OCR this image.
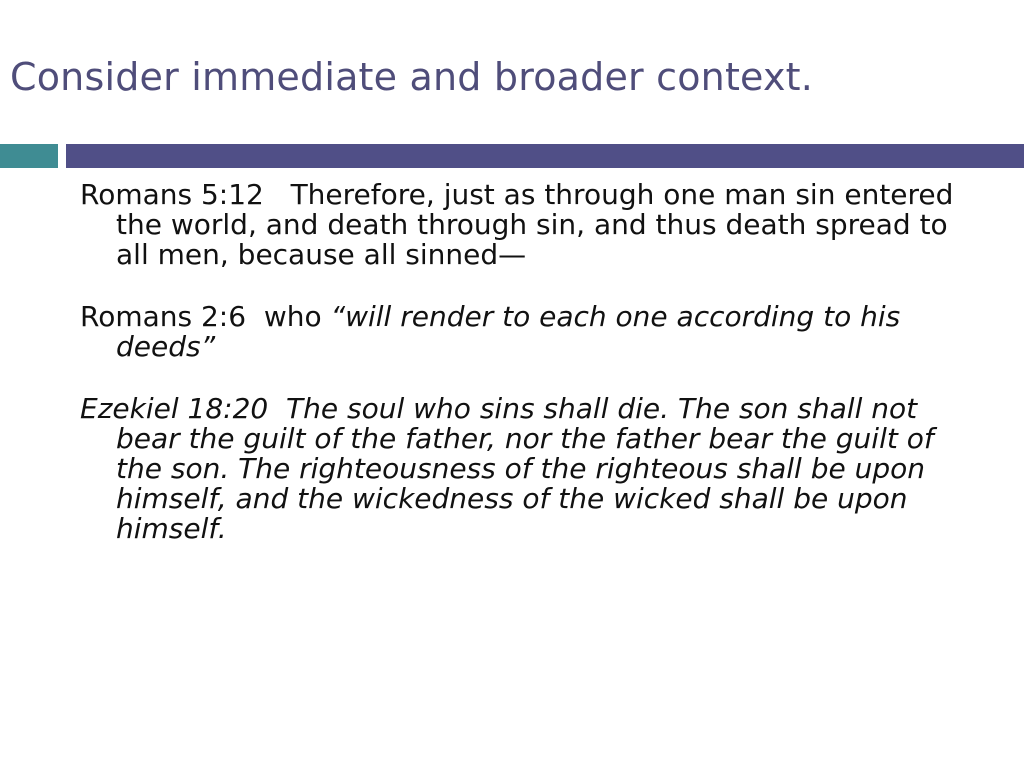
Consider immediate and broader context.

Romans 5:12 Therefore, just as through one man sin entered the world, and death through sin, and thus death spread to all men, because all sinned—

Romans 2:6 who “will render to each one according to his deeds”

Ezekiel 18:20 The soul who sins shall die. The son shall not bear the guilt of the father, nor the father bear the guilt of the son. The righteousness of the righteous shall be upon himself, and the wickedness of the wicked shall be upon himself.
